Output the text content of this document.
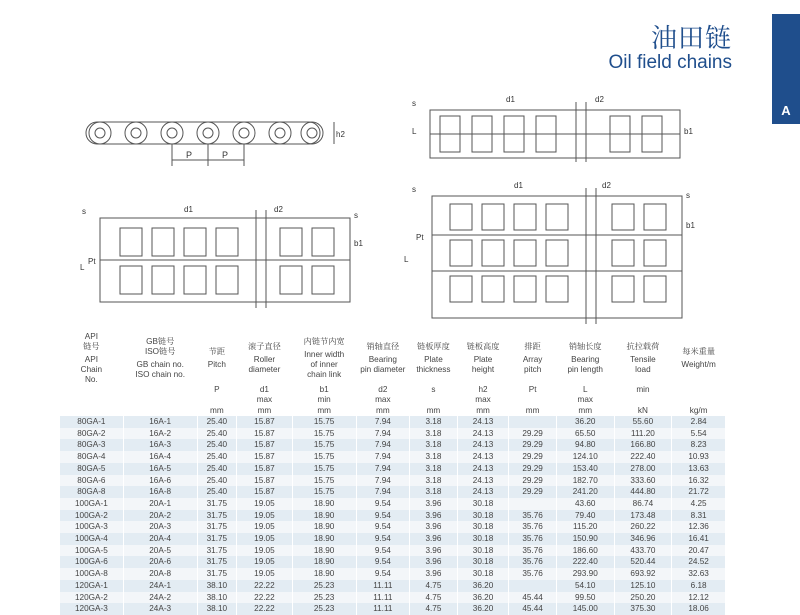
A
油田链
Oil field chains
P	P
h2
d1	d2
s
L	b1
d1	d2
s
L
Pt
b1
s
d1	d2
s
L
Pt
b1
s
API
链号
API
Chain
No.	GB链号
ISO链号
GB chain no.
ISO chain no.	节距
Pitch	滚子直径
Roller
diameter	内链节内宽
Inner width
of inner
chain link	销轴直径
Bearing
pin diameter	链板厚度
Plate
thickness	链板高度
Plate
height	排距
Array
pitch	销轴长度
Bearing
pin length	抗拉载荷
Tensile
load	每米重量
Weight/m

		P	d1
max	b1
min	d2
max	s	h2
max	Pt	L
max	min	

		mm	mm	mm	mm	mm	mm	mm	mm	kN	kg/m

80GA-1	16A-1	25.40	15.87	15.75	7.94	3.18	24.13		36.20	55.60	2.84
80GA-2	16A-2	25.40	15.87	15.75	7.94	3.18	24.13	29.29	65.50	111.20	5.54
80GA-3	16A-3	25.40	15.87	15.75	7.94	3.18	24.13	29.29	94.80	166.80	8.23
80GA-4	16A-4	25.40	15.87	15.75	7.94	3.18	24.13	29.29	124.10	222.40	10.93
80GA-5	16A-5	25.40	15.87	15.75	7.94	3.18	24.13	29.29	153.40	278.00	13.63
80GA-6	16A-6	25.40	15.87	15.75	7.94	3.18	24.13	29.29	182.70	333.60	16.32
80GA-8	16A-8	25.40	15.87	15.75	7.94	3.18	24.13	29.29	241.20	444.80	21.72
100GA-1	20A-1	31.75	19.05	18.90	9.54	3.96	30.18		43.60	86.74	4.25
100GA-2	20A-2	31.75	19.05	18.90	9.54	3.96	30.18	35.76	79.40	173.48	8.31
100GA-3	20A-3	31.75	19.05	18.90	9.54	3.96	30.18	35.76	115.20	260.22	12.36
100GA-4	20A-4	31.75	19.05	18.90	9.54	3.96	30.18	35.76	150.90	346.96	16.41
100GA-5	20A-5	31.75	19.05	18.90	9.54	3.96	30.18	35.76	186.60	433.70	20.47
100GA-6	20A-6	31.75	19.05	18.90	9.54	3.96	30.18	35.76	222.40	520.44	24.52
100GA-8	20A-8	31.75	19.05	18.90	9.54	3.96	30.18	35.76	293.90	693.92	32.63
120GA-1	24A-1	38.10	22.22	25.23	11.11	4.75	36.20		54.10	125.10	6.18
120GA-2	24A-2	38.10	22.22	25.23	11.11	4.75	36.20	45.44	99.50	250.20	12.12
120GA-3	24A-3	38.10	22.22	25.23	11.11	4.75	36.20	45.44	145.00	375.30	18.06
